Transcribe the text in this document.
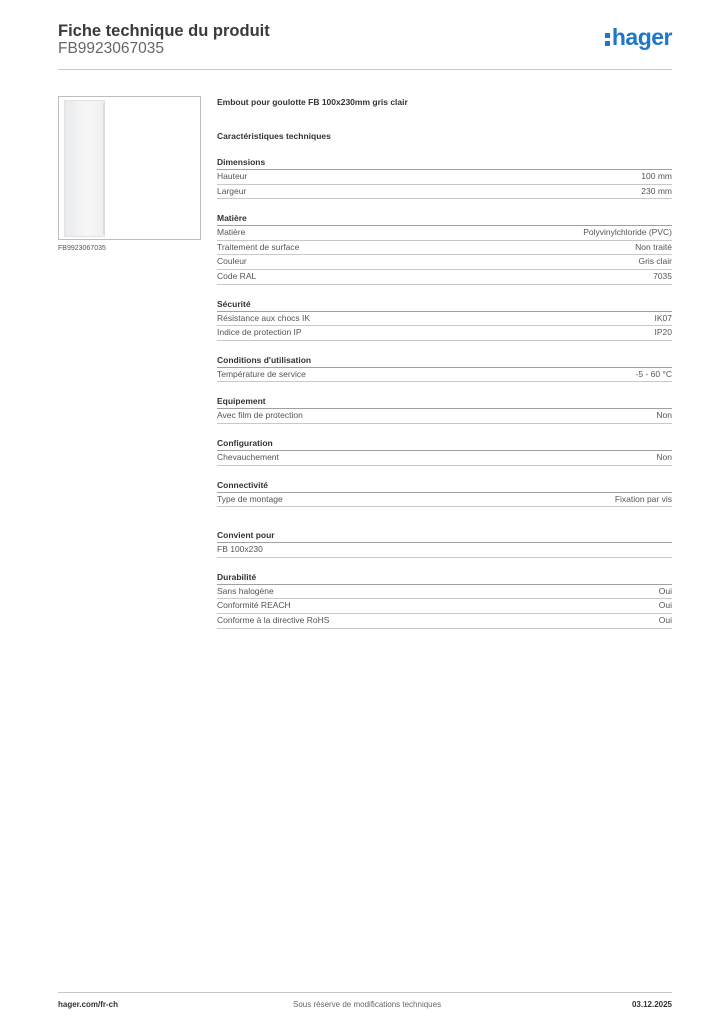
Fiche technique du produit
FB9923067035	hager
FB9923067035
Embout pour goulotte FB 100x230mm gris clair
Caractéristiques techniques
Dimensions
Hauteur	100 mm
Largeur	230 mm
Matière
Matière	Polyvinylchloride (PVC)
Traitement de surface	Non traité
Couleur	Gris clair
Code RAL	7035
Sécurité
Résistance aux chocs IK	IK07
Indice de protection IP	IP20
Conditions d'utilisation
Température de service	-5 - 60 °C
Equipement
Avec film de protection	Non
Configuration
Chevauchement	Non
Connectivité
Type de montage	Fixation par vis
Convient pour
FB 100x230
Durabilité
Sans halogène	Oui
Conformité REACH	Oui
Conforme à la directive RoHS	Oui
hager.com/fr-ch	Sous réserve de modifications techniques	03.12.2025
